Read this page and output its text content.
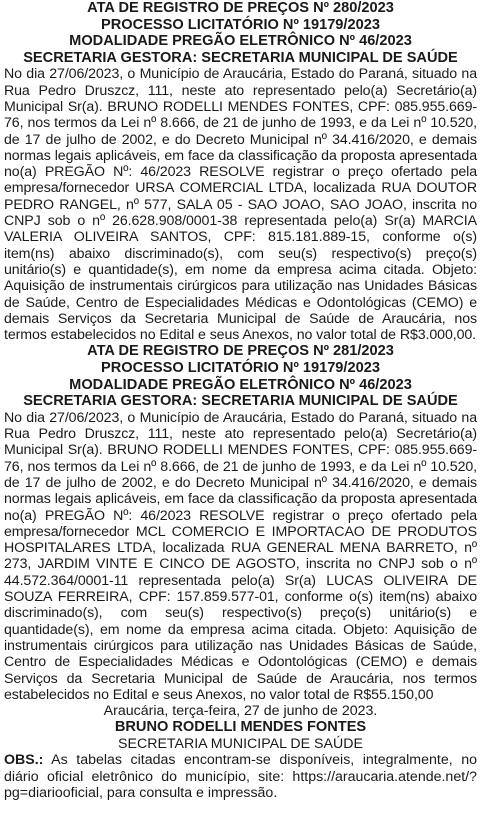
ATA DE REGISTRO DE PREÇOS Nº 280/2023

PROCESSO LICITATÓRIO Nº 19179/2023

MODALIDADE PREGÃO ELETRÔNICO Nº 46/2023

SECRETARIA GESTORA: SECRETARIA MUNICIPAL DE SAÚDE

No dia 27/06/2023, o Município de Araucária, Estado do Paraná, situado na Rua Pedro Druszcz, 111, neste ato representado pelo(a) Secretário(a) Municipal Sr(a). BRUNO RODELLI MENDES FONTES, CPF: 085.955.669-76, nos termos da Lei nº 8.666, de 21 de junho de 1993, e da Lei nº 10.520, de 17 de julho de 2002, e do Decreto Municipal nº 34.416/2020, e demais normas legais aplicáveis, em face da classificação da proposta apresentada no(a) PREGÃO Nº: 46/2023 RESOLVE registrar o preço ofertado pela empresa/fornecedor URSA COMERCIAL LTDA, localizada RUA DOUTOR PEDRO RANGEL, nº 577, SALA 05 - SAO JOAO, SAO JOAO, inscrita no CNPJ sob o nº 26.628.908/0001-38 representada pelo(a) Sr(a) MARCIA VALERIA OLIVEIRA SANTOS, CPF: 815.181.889-15, conforme o(s) item(ns) abaixo discriminado(s), com seu(s) respectivo(s) preço(s) unitário(s) e quantidade(s), em nome da empresa acima citada. Objeto: Aquisição de instrumentais cirúrgicos para utilização nas Unidades Básicas de Saúde, Centro de Especialidades Médicas e Odontológicas (CEMO) e demais Serviços da Secretaria Municipal de Saúde de Araucária, nos termos estabelecidos no Edital e seus Anexos, no valor total de R$3.000,00.

ATA DE REGISTRO DE PREÇOS Nº 281/2023

PROCESSO LICITATÓRIO Nº 19179/2023

MODALIDADE PREGÃO ELETRÔNICO Nº 46/2023

SECRETARIA GESTORA: SECRETARIA MUNICIPAL DE SAÚDE

No dia 27/06/2023, o Município de Araucária, Estado do Paraná, situado na Rua Pedro Druszcz, 111, neste ato representado pelo(a) Secretário(a) Municipal Sr(a). BRUNO RODELLI MENDES FONTES, CPF: 085.955.669-76, nos termos da Lei nº 8.666, de 21 de junho de 1993, e da Lei nº 10.520, de 17 de julho de 2002, e do Decreto Municipal nº 34.416/2020, e demais normas legais aplicáveis, em face da classificação da proposta apresentada no(a) PREGÃO Nº: 46/2023 RESOLVE registrar o preço ofertado pela empresa/fornecedor MCL COMERCIO E IMPORTACAO DE PRODUTOS HOSPITALARES LTDA, localizada RUA GENERAL MENA BARRETO, nº 273, JARDIM VINTE E CINCO DE AGOSTO, inscrita no CNPJ sob o nº 44.572.364/0001-11 representada pelo(a) Sr(a) LUCAS OLIVEIRA DE SOUZA FERREIRA, CPF: 157.859.577-01, conforme o(s) item(ns) abaixo discriminado(s), com seu(s) respectivo(s) preço(s) unitário(s) e quantidade(s), em nome da empresa acima citada. Objeto: Aquisição de instrumentais cirúrgicos para utilização nas Unidades Básicas de Saúde, Centro de Especialidades Médicas e Odontológicas (CEMO) e demais Serviços da Secretaria Municipal de Saúde de Araucária, nos termos estabelecidos no Edital e seus Anexos, no valor total de R$55.150,00

Araucária, terça-feira, 27 de junho de 2023.

BRUNO RODELLI MENDES FONTES

SECRETARIA MUNICIPAL DE SAÚDE

OBS.: As tabelas citadas encontram-se disponíveis, integralmente, no diário oficial eletrônico do município, site: https://araucaria.atende.net/?pg=diariooficial, para consulta e impressão.
